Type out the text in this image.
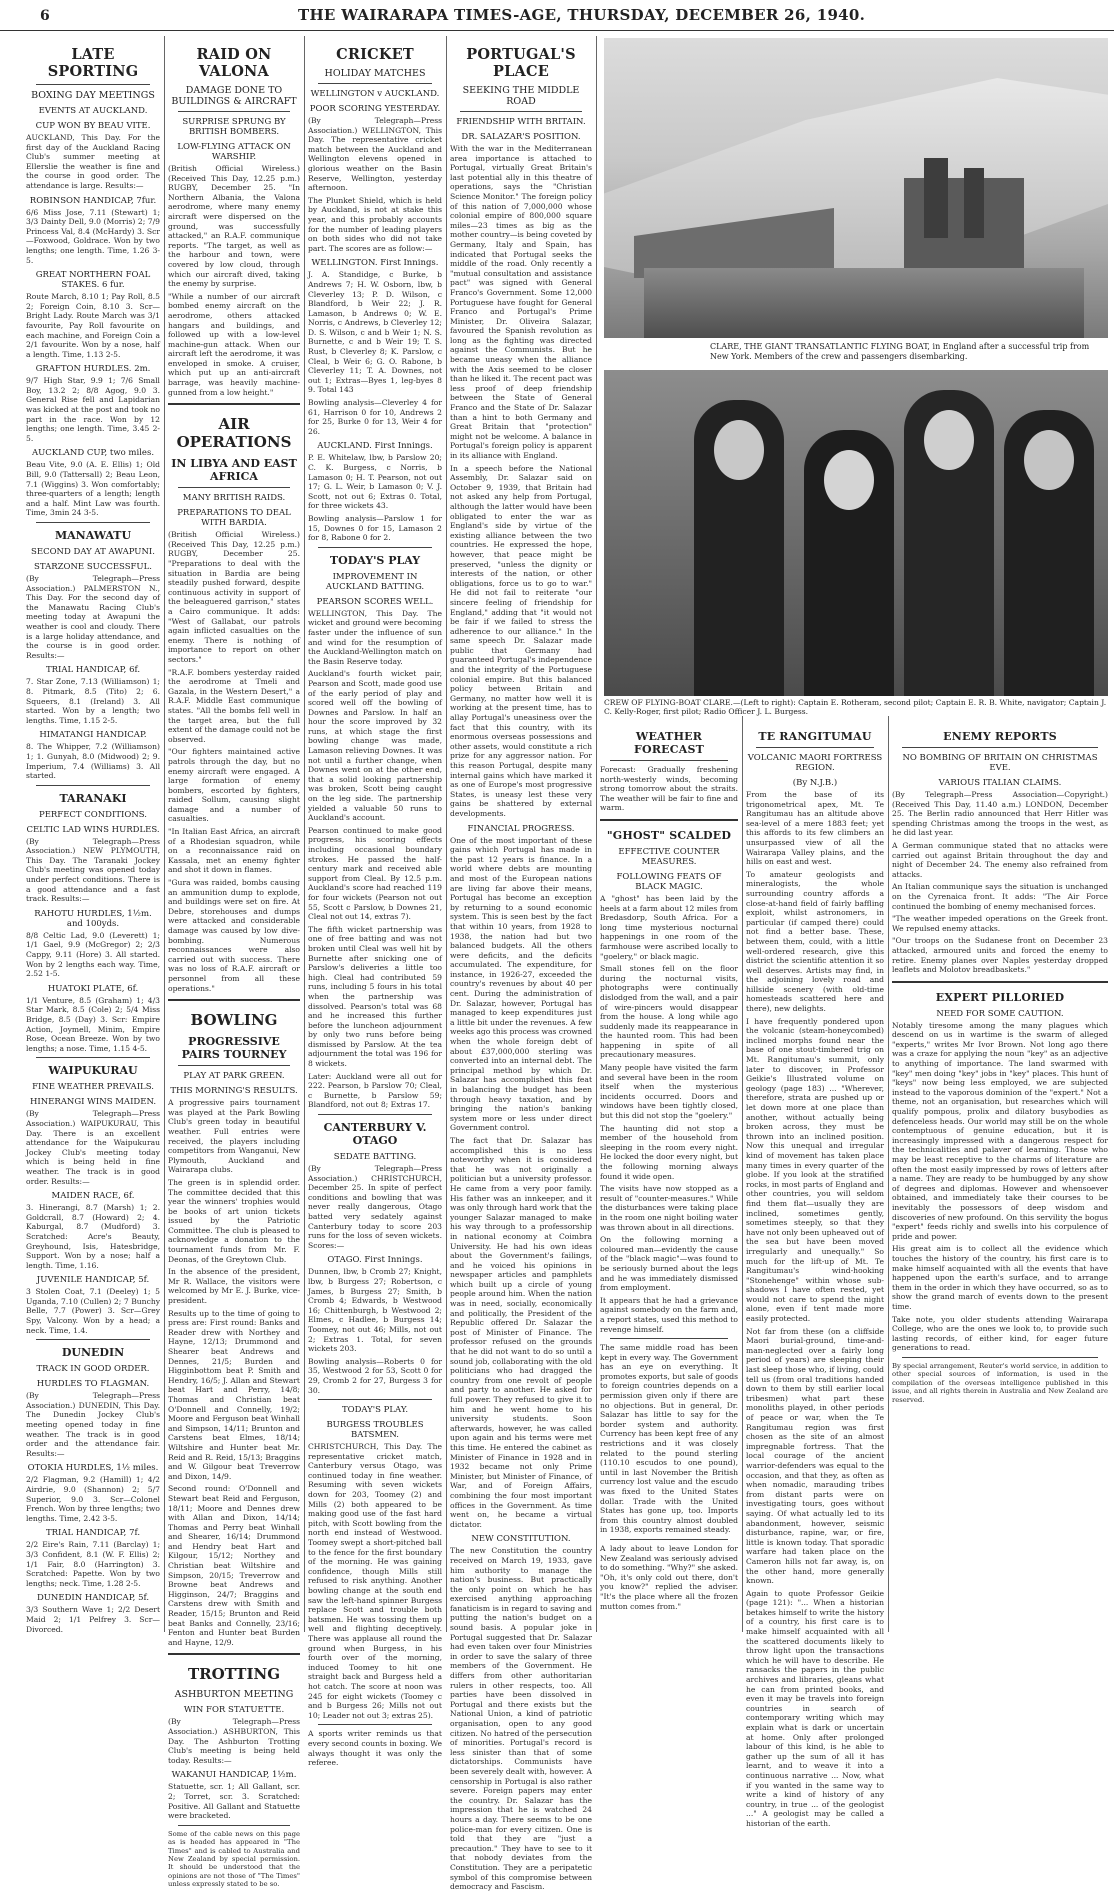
6	THE WAIRARAPA TIMES-AGE, THURSDAY, DECEMBER 26, 1940.
LATE SPORTING
BOXING DAY MEETINGS
EVENTS AT AUCKLAND.
CUP WON BY BEAU VITE.

AUCKLAND, This Day. For the first day of the Auckland Racing Club's summer meeting at Ellerslie the weather is fine and the course in good order. The attendance is large. Results:—

ROBINSON HANDICAP, 7fur.

6/6 Miss Jose, 7.11 (Stewart) 1; 3/3 Dainty Dell, 9.0 (Morris) 2; 7/9 Princess Val, 8.4 (McHardy) 3. Scr—Foxwood, Goldrace. Won by two lengths; one length. Time, 1.26 3-5.

GREAT NORTHERN FOAL STAKES. 6 fur.

Route March, 8.10 1; Pay Roll, 8.5 2; Foreign Coin, 8.10 3. Scr—Bright Lady. Route March was 3/1 favourite, Pay Roll favourite on each machine, and Foreign Coin a 2/1 favourite. Won by a nose, half a length. Time, 1.13 2-5.

GRAFTON HURDLES. 2m.

9/7 High Star, 9.9 1; 7/6 Small Boy, 13.2 2; 8/8 Agog, 9.0 3. General Rise fell and Lapidarian was kicked at the post and took no part in the race. Won by 12 lengths; one length. Time, 3.45 2-5.

AUCKLAND CUP, two miles.

Beau Vite, 9.0 (A. E. Ellis) 1; Old Bill, 9.0 (Tattersall) 2; Beau Leon, 7.1 (Wiggins) 3. Won comfortably; three-quarters of a length; length and a half. Mint Law was fourth. Time, 3min 24 3-5.

MANAWATU
SECOND DAY AT AWAPUNI.
STARZONE SUCCESSFUL.

(By Telegraph—Press Association.) PALMERSTON N., This Day. For the second day of the Manawatu Racing Club's meeting today at Awapuni the weather is cool and cloudy. There is a large holiday attendance, and the course is in good order. Results:—

TRIAL HANDICAP, 6f.

7. Star Zone, 7.13 (Williamson) 1; 8. Pitmark, 8.5 (Tito) 2; 6. Squeers, 8.1 (Ireland) 3. All started. Won by a length; two lengths. Time, 1.15 2-5.

HIMATANGI HANDICAP.

8. The Whipper, 7.2 (Williamson) 1; 1. Gunyah, 8.0 (Midwood) 2; 9. Imperium, 7.4 (Williams) 3. All started.

TARANAKI
PERFECT CONDITIONS.
CELTIC LAD WINS HURDLES.

(By Telegraph—Press Association.) NEW PLYMOUTH, This Day. The Taranaki Jockey Club's meeting was opened today under perfect conditions. There is a good attendance and a fast track. Results:—

RAHOTU HURDLES, 1½m. and 100yds.

8/8 Celtic Lad, 9.0 (Leverett) 1; 1/1 Gael, 9.9 (McGregor) 2; 2/3 Cappy, 9.11 (Hore) 3. All started. Won by 2 lengths each way. Time, 2.52 1-5.

HUATOKI PLATE, 6f.

1/1 Venture, 8.5 (Graham) 1; 4/3 Star Mark, 8.5 (Cole) 2; 5/4 Miss Bridge, 8.5 (Day) 3. Scr: Empire Action, Joymell, Minim, Empire Rose, Ocean Breeze. Won by two lengths; a nose. Time, 1.15 4-5.

WAIPUKURAU
FINE WEATHER PREVAILS.
HINERANGI WINS MAIDEN.

(By Telegraph—Press Association.) WAIPUKURAU, This Day. There is an excellent attendance for the Waipukurau Jockey Club's meeting today which is being held in fine weather. The track is in good order. Results:—

MAIDEN RACE, 6f.

3. Hinerangi, 8.7 (Marsh) 1; 2. Goldcrall, 8.7 (Howard) 2; 4. Kaburgal, 8.7 (Mudford) 3. Scratched: Acre's Beauty, Greyhound, Isis, Hatesbridge, Support. Won by a nose; half a length. Time, 1.16.

JUVENILE HANDICAP, 5f.

3 Stolen Coat, 7.1 (Deeley) 1; 5 Uganda, 7.10 (Cullen) 2; 7 Bunchy Belle, 7.7 (Power) 3. Scr—Grey Spy, Valcony. Won by a head; a neck. Time, 1.4.

DUNEDIN
TRACK IN GOOD ORDER.
HURDLES TO FLAGMAN.

(By Telegraph—Press Association.) DUNEDIN, This Day. The Dunedin Jockey Club's meeting opened today in fine weather. The track is in good order and the attendance fair. Results:—

OTOKIA HURDLES, 1½ miles.

2/2 Flagman, 9.2 (Hamill) 1; 4/2 Airdrie, 9.0 (Shannon) 2; 5/7 Superior, 9.0 3. Scr—Colonel French. Won by three lengths; two lengths. Time, 2.42 3-5.

TRIAL HANDICAP, 7f.

2/2 Eire's Rain, 7.11 (Barclay) 1; 3/3 Confident, 8.1 (W. F. Ellis) 2; 1/1 Fair, 8.0 (Harrington) 3. Scratched: Papette. Won by two lengths; neck. Time, 1.28 2-5.

DUNEDIN HANDICAP, 5f.

3/3 Southern Wave 1; 2/2 Desert Maid 2; 1/1 Pelfrey 3. Scr—Divorced.

RAID ON VALONA
DAMAGE DONE TO BUILDINGS & AIRCRAFT
SURPRISE SPRUNG BY BRITISH BOMBERS.
LOW-FLYING ATTACK ON WARSHIP.

(British Official Wireless.) (Received This Day, 12.25 p.m.) RUGBY, December 25. "In Northern Albania, the Valona aerodrome, where many enemy aircraft were dispersed on the ground, was successfully attacked," an R.A.F. communique reports. "The target, as well as the harbour and town, were covered by low cloud, through which our aircraft dived, taking the enemy by surprise.

"While a number of our aircraft bombed enemy aircraft on the aerodrome, others attacked hangars and buildings, and followed up with a low-level machine-gun attack. When our aircraft left the aerodrome, it was enveloped in smoke. A cruiser, which put up an anti-aircraft barrage, was heavily machine-gunned from a low height."

AIR OPERATIONS
IN LIBYA AND EAST AFRICA
MANY BRITISH RAIDS.
PREPARATIONS TO DEAL WITH BARDIA.

(British Official Wireless.) (Received This Day, 12.25 p.m.) RUGBY, December 25. "Preparations to deal with the situation in Bardia are being steadily pushed forward, despite continuous activity in support of the beleaguered garrison," states a Cairo communique. It adds: "West of Gallabat, our patrols again inflicted casualties on the enemy. There is nothing of importance to report on other sectors."

"R.A.F. bombers yesterday raided the aerodrome at Tmeli and Gazala, in the Western Desert," a R.A.F. Middle East communique states. "All the bombs fell well in the target area, but the full extent of the damage could not be observed.

"Our fighters maintained active patrols through the day, but no enemy aircraft were engaged. A large formation of enemy bombers, escorted by fighters, raided Sollum, causing slight damage and a number of casualties.

"In Italian East Africa, an aircraft of a Rhodesian squadron, while on a reconnaissance raid on Kassala, met an enemy fighter and shot it down in flames.

"Gura was raided, bombs causing an ammunition dump to explode, and buildings were set on fire. At Debre, storehouses and dumps were attacked and considerable damage was caused by low dive-bombing. Numerous reconnaissances were also carried out with success. There was no loss of R.A.F. aircraft or personnel from all these operations."

BOWLING
PROGRESSIVE PAIRS TOURNEY
PLAY AT PARK GREEN.
THIS MORNING'S RESULTS.

A progressive pairs tournament was played at the Park Bowling Club's green today in beautiful weather. Full entries were received, the players including competitors from Wanganui, New Plymouth, Auckland and Wairarapa clubs.

The green is in splendid order. The committee decided that this year the winners' trophies would be books of art union tickets issued by the Patriotic Committee. The club is pleased to acknowledge a donation to the tournament funds from Mr. F. Deonas, of the Greytown Club.

In the absence of the president, Mr R. Wallace, the visitors were welcomed by Mr E. J. Burke, vice-president.

Results up to the time of going to press are: First round: Banks and Reader drew with Northey and Hayne, 12/13; Drummond and Shearer beat Andrews and Dennes, 21/5; Burden and Higginbottom beat P. Smith and Hendry, 16/5; J. Allan and Stewart beat Hart and Perry, 14/8; Thomas and Christian beat O'Donnell and Connelly, 19/2; Moore and Ferguson beat Winhall and Simpson, 14/11; Brunton and Carstens beat Elmes, 18/14; Wiltshire and Hunter beat Mr. Reid and R. Reid, 15/13; Braggins and W. Gilgour beat Treverrow and Dixon, 14/9.

Second round: O'Donnell and Stewart beat Reid and Ferguson, 18/11; Moore and Dennes drew with Allan and Dixon, 14/14; Thomas and Perry beat Winhall and Shearer, 16/14; Drummond and Hendry beat Hart and Kilgour, 15/12; Northey and Christian beat Wiltshire and Simpson, 20/15; Treverrow and Browne beat Andrews and Higginson, 24/7; Braggins and Carstens drew with Smith and Reader, 15/15; Brunton and Reid beat Banks and Connelly, 23/16; Fenton and Hunter beat Burden and Hayne, 12/9.

TROTTING
ASHBURTON MEETING
WIN FOR STATUETTE.

(By Telegraph—Press Association.) ASHBURTON, This Day. The Ashburton Trotting Club's meeting is being held today. Results:—

WAKANUI HANDICAP, 1½m.

Statuette, scr. 1; All Gallant, scr. 2; Torret, scr. 3. Scratched: Positive. All Gallant and Statuette were bracketed.

Some of the cable news on this page as is headed has appeared in "The Times" and is cabled to Australia and New Zealand by special permission. It should be understood that the opinions are not those of "The Times" unless expressly stated to be so.

CRICKET
HOLIDAY MATCHES
WELLINGTON v AUCKLAND.
POOR SCORING YESTERDAY.

(By Telegraph—Press Association.) WELLINGTON, This Day. The representative cricket match between the Auckland and Wellington elevens opened in glorious weather on the Basin Reserve, Wellington, yesterday afternoon.

The Plunket Shield, which is held by Auckland, is not at stake this year, and this probably accounts for the number of leading players on both sides who did not take part. The scores are as follow:—

WELLINGTON. First Innings.

J. A. Standidge, c Burke, b Andrews 7; H. W. Osborn, lbw, b Cleverley 13; P. D. Wilson, c Blandford, b Weir 22; J. R. Lamason, b Andrews 0; W. E. Norris, c Andrews, b Cleverley 12; D. S. Wilson, c and b Weir 1; N. S. Burnette, c and b Weir 19; T. S. Rust, b Cleverley 8; K. Parslow, c Cleal, b Weir 6; G. O. Rabone, b Cleverley 11; T. A. Downes, not out 1; Extras—Byes 1, leg-byes 8 9. Total 143

Bowling analysis—Cleverley 4 for 61, Harrison 0 for 10, Andrews 2 for 25, Burke 0 for 13, Weir 4 for 26.

AUCKLAND. First Innings.

P. E. Whitelaw, lbw, b Parslow 20; C. K. Burgess, c Norris, b Lamason 0; H. T. Pearson, not out 17; G. L. Weir, b Lamason 0; V. J. Scott, not out 6; Extras 0. Total, for three wickets 43.

Bowling analysis—Parslow 1 for 15, Downes 0 for 15, Lamason 2 for 8, Rabone 0 for 2.

TODAY'S PLAY
IMPROVEMENT IN AUCKLAND BATTING.
PEARSON SCORES WELL.

WELLINGTON, This Day. The wicket and ground were becoming faster under the influence of sun and wind for the resumption of the Auckland-Wellington match on the Basin Reserve today.

Auckland's fourth wicket pair, Pearson and Scott, made good use of the early period of play and scored well off the bowling of Downes and Parslow. In half an hour the score improved by 32 runs, at which stage the first bowling change was made, Lamason relieving Downes. It was not until a further change, when Downes went on at the other end, that a solid looking partnership was broken, Scott being caught on the leg side. The partnership yielded a valuable 50 runs to Auckland's account.

Pearson continued to make good progress, his scoring effects including occasional boundary strokes. He passed the half-century mark and received able support from Cleal. By 12.5 p.m. Auckland's score had reached 119 for four wickets (Pearson not out 55, Scott c Parslow, b Downes 21, Cleal not out 14, extras 7).

The fifth wicket partnership was one of free batting and was not broken until Cleal was well hit by Burnette after snicking one of Parslow's deliveries a little too high. Cleal had contributed 59 runs, including 5 fours in his total when the partnership was dissolved. Pearson's total was 68 and he increased this further before the luncheon adjournment by only two runs before being dismissed by Parslow. At the tea adjournment the total was 196 for 8 wickets.

Later: Auckland were all out for 222. Pearson, b Parslow 70; Cleal, c Burnette, b Parslow 59; Blandford, not out 8; Extras 17.

CANTERBURY V. OTAGO
SEDATE BATTING.

(By Telegraph—Press Association.) CHRISTCHURCH, December 25. In spite of perfect conditions and bowling that was never really dangerous, Otago batted very sedately against Canterbury today to score 203 runs for the loss of seven wickets. Scores:—

OTAGO. First Innings.

Dunnen, lbw, b Cromb 27; Knight, lbw, b Burgess 27; Robertson, c James, b Burgess 27; Smith, b Cromb 4; Edwards, b Westwood 16; Chittenburgh, b Westwood 2; Elmes, c Hadlee, b Burgess 14; Toomey, not out 46; Mills, not out 2; Extras 1. Total, for seven wickets 203.

Bowling analysis—Roberts 0 for 35, Westwood 2 for 53, Scott 0 for 29, Cromb 2 for 27, Burgess 3 for 30.

TODAY'S PLAY.
BURGESS TROUBLES BATSMEN.

CHRISTCHURCH, This Day. The representative cricket match, Canterbury versus Otago, was continued today in fine weather. Resuming with seven wickets down for 203, Toomey (2) and Mills (2) both appeared to be making good use of the fast hard pitch, with Scott bowling from the north end instead of Westwood. Toomey swept a short-pitched ball to the fence for the first boundary of the morning. He was gaining confidence, though Mills still refused to risk anything. Another bowling change at the south end saw the left-hand spinner Burgess replace Scott and trouble both batsmen. He was tossing them up well and flighting deceptively. There was applause all round the ground when Burgess, in his fourth over of the morning, induced Toomey to hit one straight back and Burgess held a hot catch. The score at noon was 245 for eight wickets (Toomey c and b Burgess 26; Mills not out 10; Leader not out 3; extras 25).

A sports writer reminds us that every second counts in boxing. We always thought it was only the referee.

PORTUGAL'S PLACE
SEEKING THE MIDDLE ROAD
FRIENDSHIP WITH BRITAIN.
DR. SALAZAR'S POSITION.

With the war in the Mediterranean area importance is attached to Portugal, virtually Great Britain's last potential ally in this theatre of operations, says the "Christian Science Monitor." The foreign policy of this nation of 7,000,000 whose colonial empire of 800,000 square miles—23 times as big as the mother country—is being coveted by Germany, Italy and Spain, has indicated that Portugal seeks the middle of the road. Only recently a "mutual consultation and assistance pact" was signed with General Franco's Government. Some 12,000 Portuguese have fought for General Franco and Portugal's Prime Minister, Dr. Oliveira Salazar, favoured the Spanish revolution as long as the fighting was directed against the Communists. But he became uneasy when the alliance with the Axis seemed to be closer than he liked it. The recent pact was less proof of deep friendship between the State of General Franco and the State of Dr. Salazar than a hint to both Germany and Great Britain that "protection" might not be welcome. A balance in Portugal's foreign policy is apparent in its alliance with England.

In a speech before the National Assembly, Dr. Salazar said on October 9, 1939, that Britain had not asked any help from Portugal, although the latter would have been obligated to enter the war as England's side by virtue of the existing alliance between the two countries. He expressed the hope, however, that peace might be preserved, "unless the dignity or interests of the nation, or other obligations, force us to go to war." He did not fail to reiterate "our sincere feeling of friendship for England," adding that "it would not be fair if we failed to stress the adherence to our alliance." In the same speech Dr. Salazar made public that Germany had guaranteed Portugal's independence and the integrity of the Portuguese colonial empire. But this balanced policy between Britain and Germany, no matter how well it is working at the present time, has to allay Portugal's uneasiness over the fact that this country, with its enormous overseas possessions and other assets, would constitute a rich prize for any aggressor nation. For this reason Portugal, despite many internal gains which have marked it as one of Europe's most progressive States, is uneasy lest these very gains be shattered by external developments.

FINANCIAL PROGRESS.

One of the most important of these gains which Portugal has made in the past 12 years is finance. In a world where debts are mounting and most of the European nations are living far above their means, Portugal has become an exception by returning to a sound economic system. This is seen best by the fact that within 10 years, from 1928 to 1938, the nation had but two balanced budgets. All the others were deficits, and the deficits accumulated. The expenditure, for instance, in 1926-27, exceeded the country's revenues by about 40 per cent. During the administration of Dr. Salazar, however, Portugal has managed to keep expenditures just a little bit under the revenues. A few weeks ago this process was crowned when the whole foreign debt of about £37,000,000 sterling was converted into an internal debt. The principal method by which Dr. Salazar has accomplished this feat in balancing the budget has been through heavy taxation, and by bringing the nation's banking system more or less under direct Government control.

The fact that Dr. Salazar has accomplished this is no less noteworthy when it is considered that he was not originally a politician but a university professor. He came from a very poor family. His father was an innkeeper, and it was only through hard work that the younger Salazar managed to make his way through to a professorship in national economy at Coimbra University. He had his own ideas about the Government's failings, and he voiced his opinions in newspaper articles and pamphlets which built up a circle of young people around him. When the nation was in need, socially, economically and politically, the President of the Republic offered Dr. Salazar the post of Minister of Finance. The professor refused on the grounds that he did not want to do so until a sound job, collaborating with the old politicians who had dragged the country from one revolt of people and party to another. He asked for full power. They refused to give it to him and he went home to his university students. Soon afterwards, however, he was called upon again and his terms were met this time. He entered the cabinet as Minister of Finance in 1928 and in 1932 became not only Prime Minister, but Minister of Finance, of War, and of Foreign Affairs, combining the four most important offices in the Government. As time went on, he became a virtual dictator.

NEW CONSTITUTION.

The new Constitution the country received on March 19, 1933, gave him authority to manage the nation's business. But practically the only point on which he has exercised anything approaching fanaticism is in regard to saving and putting the nation's budget on a sound basis. A popular joke in Portugal suggested that Dr. Salazar had even taken over four Ministries in order to save the salary of three members of the Government. He differs from other authoritarian rulers in other respects, too. All parties have been dissolved in Portugal and there exists but the National Union, a kind of patriotic organisation, open to any good citizen. No hatred of the persecution of minorities. Portugal's record is less sinister than that of some dictatorships. Communists have been severely dealt with, however. A censorship in Portugal is also rather severe. Foreign papers may enter the country. Dr. Salazar has the impression that he is watched 24 hours a day. There seems to be one police-man for every citizen. One is told that they are "just a precaution." They have to see to it that nobody deviates from the Constitution. They are a peripatetic symbol of this compromise between democracy and Fascism.

CLARE, THE GIANT TRANSATLANTIC FLYING BOAT, in England after a successful trip from New York. Members of the crew and passengers disembarking.
CREW OF FLYING-BOAT CLARE.—(Left to right): Captain E. Rotheram, second pilot; Captain E. R. B. White, navigator; Captain J. C. Kelly-Roger, first pilot; Radio Officer J. L. Burgess.
WEATHER FORECAST

Forecast: Gradually freshening north-westerly winds, becoming strong tomorrow about the straits. The weather will be fair to fine and warm.

"GHOST" SCALDED
EFFECTIVE COUNTER MEASURES.
FOLLOWING FEATS OF BLACK MAGIC.

A "ghost" has been laid by the heels at a farm about 12 miles from Bredasdorp, South Africa. For a long time mysterious nocturnal happenings in one room of the farmhouse were ascribed locally to "goelery," or black magic.

Small stones fell on the floor during the nocturnal visits, photographs were continually dislodged from the wall, and a pair of wire-pincers would disappear from the house. A long while ago suddenly made its reappearance in the haunted room. This had been happening in spite of all precautionary measures.

Many people have visited the farm and several have been in the room itself when the mysterious incidents occurred. Doors and windows have been tightly closed, but this did not stop the "goelery."

The haunting did not stop a member of the household from sleeping in the room every night. He locked the door every night, but the following morning always found it wide open.

The visits have now stopped as a result of "counter-measures." While the disturbances were taking place in the room one night boiling water was thrown about in all directions.

On the following morning a coloured man—evidently the cause of the "black magic"—was found to be seriously burned about the legs and he was immediately dismissed from employment.

It appears that he had a grievance against somebody on the farm and, a report states, used this method to revenge himself.

The same middle road has been kept in every way. The Government has an eye on everything. It promotes exports, but sale of goods to foreign countries depends on a permission given only if there are no objections. But in general, Dr. Salazar has little to say for the border system and authority. Currency has been kept free of any restrictions and it was closely related to the pound sterling (110.10 escudos to one pound), until in last November the British currency lost value and the escudo was fixed to the United States dollar. Trade with the United States has gone up, too. Imports from this country almost doubled in 1938, exports remained steady.

A lady about to leave London for New Zealand was seriously advised to do something. "Why?" she asked. "Oh, it's only cold out there, don't you know?" replied the adviser. "It's the place where all the frozen mutton comes from."

TE RANGITUMAU
VOLCANIC MAORI FORTRESS REGION.
(By N.J.B.)

From the base of its trigonometrical apex, Mt. Te Rangitumau has an altitude above sea-level of a mere 1883 feet; yet this affords to its few climbers an unsurpassed view of all the Wairarapa Valley plains, and the hills on east and west.

To amateur geologists and mineralogists, the whole surrounding country affords a close-at-hand field of fairly baffling exploit, whilst astronomers, in particular (if camped there) could not find a better base. These, between them, could, with a little well-ordered research, give this district the scientific attention it so well deserves. Artists may find, in the adjoining lovely road and hillside scenery (with old-time homesteads scattered here and there), new delights.

I have frequently pondered upon the volcanic (steam-honeycombed) inclined morphs found near the base of one stout-timbered trig on Mt. Rangitumau's summit, only later to discover, in Professor Geikie's Illustrated volume on geology (page 183) ... "Wherever, therefore, strata are pushed up or let down more at one place than another, without actually being broken across, they must be thrown into an inclined position. Now this unequal and irregular kind of movement has taken place many times in every quarter of the globe. If you look at the stratified rocks, in most parts of England and other countries, you will seldom find them flat—usually they are inclined, sometimes gently, sometimes steeply, so that they have not only been upheaved out of the sea but have been moved irregularly and unequally." So much for the lift-up of Mt. Te Rangitumau's wind-hooking "Stonehenge" within whose sub-shadows I have often rested, yet would not care to spend the night alone, even if tent made more easily protected.

Not far from these (on a cliffside Maori burial-ground, time-and-man-neglected over a fairly long period of years) are sleeping their last sleep those who, if living, could tell us (from oral traditions handed down to them by still earlier local tribesmen) what part these monoliths played, in other periods of peace or war, when the Te Rangitumau region was first chosen as the site of an almost impregnable fortress. That the local courage of the ancient warrior-defenders was equal to the occasion, and that they, as often as when nomadic, marauding tribes from distant parts were on investigating tours, goes without saying. Of what actually led to its abandonment, however, seismic disturbance, rapine, war, or fire, little is known today. That sporadic warfare had taken place on the Cameron hills not far away, is, on the other hand, more generally known.

Again to quote Professor Geikie (page 121): "... When a historian betakes himself to write the history of a country, his first care is to make himself acquainted with all the scattered documents likely to throw light upon the transactions which he will have to describe. He ransacks the papers in the public archives and libraries, gleans what he can from printed books, and even it may be travels into foreign countries in search of contemporary writing which may explain what is dark or uncertain at home. Only after prolonged labour of this kind, is he able to gather up the sum of all it has learnt, and to weave it into a continuous narrative ... Now, what if you wanted in the same way to write a kind of history of any country, in true ... of the geologist ..." A geologist may be called a historian of the earth.

ENEMY REPORTS
NO BOMBING OF BRITAIN ON CHRISTMAS EVE.
VARIOUS ITALIAN CLAIMS.

(By Telegraph—Press Association—Copyright.) (Received This Day, 11.40 a.m.) LONDON, December 25. The Berlin radio announced that Herr Hitler was spending Christmas among the troops in the west, as he did last year.

A German communique stated that no attacks were carried out against Britain throughout the day and night of December 24. The enemy also refrained from attacks.

An Italian communique says the situation is unchanged on the Cyrenaica front. It adds: "The Air Force continued the bombing of enemy mechanised forces.

"The weather impeded operations on the Greek front. We repulsed enemy attacks.

"Our troops on the Sudanese front on December 23 attacked, armoured units and forced the enemy to retire. Enemy planes over Naples yesterday dropped leaflets and Molotov breadbaskets."

EXPERT PILLORIED
NEED FOR SOME CAUTION.

Notably tiresome among the many plagues which descend on us in wartime is the swarm of alleged "experts," writes Mr Ivor Brown. Not long ago there was a craze for applying the noun "key" as an adjective to anything of importance. The land swarmed with "key" men doing "key" jobs in "key" places. This hunt of "keys" now being less employed, we are subjected instead to the vaporous dominion of the "expert." Not a theme, not an organisation, but researches which will qualify pompous, prolix and dilatory busybodies as defenceless heads. Our world may still be on the whole contemptuous of genuine education, but it is increasingly impressed with a dangerous respect for the technicalities and palaver of learning. Those who may be least receptive to the charms of literature are often the most easily impressed by rows of letters after a name. They are ready to be humbugged by any show of degrees and diplomas. However and whensoever obtained, and immediately take their courses to be inevitably the possessors of deep wisdom and discoveries of new profound. On this servility the bogus "expert" feeds richly and swells into his corpulence of pride and power.

His great aim is to collect all the evidence which touches the history of the country, his first care is to make himself acquainted with all the events that have happened upon the earth's surface, and to arrange them in the order in which they have occurred, so as to show the grand march of events down to the present time.

Take note, you older students attending Wairarapa College, who are the ones we look to, to provide such lasting records, of either kind, for eager future generations to read.

By special arrangement, Reuter's world service, in addition to other special sources of information, is used in the compilation of the overseas intelligence published in this issue, and all rights therein in Australia and New Zealand are reserved.
